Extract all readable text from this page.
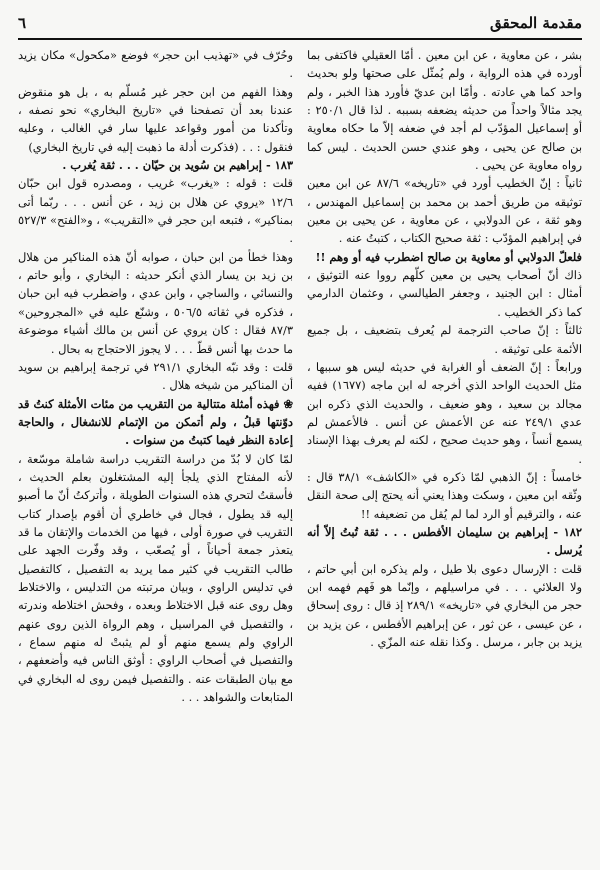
مقدمة المحقق
٦

بشر ، عن معاوية ، عن ابن معين . أمّا العقيلي فاكتفى بما أورده في هذه الرواية ، ولم يُمثّل على صحتها ولو بحديث واحد كما هي عادته . وأمّا ابن عديّ فأورد هذا الخبر ، ولم يجد مثالاً واحداً من حديثه يضعفه بسببه . لذا قال ٢٥٠/١ : أو إسماعيل المؤدّب لم أجد في ضعفه إلاّ ما حكاه معاوية بن صالح عن يحيى ، وهو عندي حسن الحديث . ليس كما رواه معاوية عن يحيى .

ثانياً : إنّ الخطيب أورد في «تاريخه» ٨٧/٦ عن ابن معين توثيقه من طريق أحمد بن محمد بن إسماعيل المهندس ، وهو ثقة ، عن الدولابي ، عن معاوية ، عن يحيى بن معين في إبراهيم المؤدّب : ثقة صحيح الكتاب ، كتبتُ عنه .

فلعلّ الدولابي أو معاوية بن صالح اضطرب فيه أو وهم !!

ذاك أنّ أصحاب يحيى بن معين كلّهم رووا عنه التوثيق ، أمثال : ابن الجنيد ، وجعفر الطيالسي ، وعثمان الدارمي كما ذكر الخطيب .

ثالثاً : إنّ صاحب الترجمة لم يُعرف بتضعيف ، بل جميع الأئمة على توثيقه .

ورابعاً : إنّ الضعف أو الغرابة في حديثه ليس هو سببها ، مثل الحديث الواحد الذي أخرجه له ابن ماجه (١٦٧٧) ففيه مجالد بن سعيد ، وهو ضعيف ، والحديث الذي ذكره ابن عدي ٢٤٩/١ عنه عن الأعمش عن أنس . فالأعمش لم يسمع أنساً ، وهو حديث صحيح ، لكنه لم يعرف بهذا الإسناد .

خامساً : إنّ الذهبي لمّا ذكره في «الكاشف» ٣٨/١ قال : وثّقه ابن معين ، وسكت وهذا يعني أنه يحتج إلى صحة النقل عنه ، والترقيم أو الرد لما لم يُقل من تضعيفه !!

١٨٢ - إبراهيم بن سليمان الأفطس . . . ثقة تُبتُ إلاّ أنه يُرسل .

قلت : الإرسال دعوى بلا طيل ، ولم يذكره ابن أبي حاتم ، ولا العلائي . . . في مراسيلهم ، وإنّما هو فَهم فهمه ابن حجر من البخاري في «تاريخه» ٢٨٩/١ إذ قال : روى إسحاق ، عن عيسى ، عن ثور ، عن إبراهيم الأفطس ، عن يزيد بن يزيد بن جابر ، مرسل . وكذا نقله عنه المزّي .

وحُرّف في «تهذيب ابن حجر» فوضع «مكحول» مكان يزيد .

وهذا الفهم من ابن حجر غير مُسلّم به ، بل هو منقوض عندنا بعد أن تصفحنا في «تاريخ البخاري» نحو نصفه ، وتأكدنا من أمور وقواعد عليها سار في الغالب ، وعليه فنقول : . . (فذكرت أدلة ما ذهبت إليه في تاريخ البخاري)

١٨٣ - إبراهيم بن سُويد بن حيّان . . . ثقة يُغرب .

قلت : قوله : «يغرب» غريب ، ومصدره قول ابن حبّان ١٢/٦ «يروي عن هلال بن زيد ، عن أنس . . . ربّما أتى بمناكير» ، فتبعه ابن حجر في «التقريب» ، و«الفتح» ٥٢٧/٣ .

وهذا خطأ من ابن حبان ، صوابه أنّ هذه المناكير من هلال بن زيد بن يسار الذي أنكر حديثه : البخاري ، وأبو حاتم ، والنسائي ، والساجي ، وابن عدي ، واضطرب فيه ابن حبان ، فذكره في ثقاته ٥٠٦/٥ ، وشنّع عليه في «المجروحين» ٨٧/٣ فقال : كان يروي عن أنس بن مالك أشياء موضوعة ما حدث بها أنس قطّ . . . لا يجوز الاحتجاج به بحال .

قلت : وقد نبّه البخاري ٢٩١/١ في ترجمة إبراهيم بن سويد أن المناكير من شيخه هلال .

❀ فهذه أمثلة متتالية من التقريب من مئات الأمثلة كنتُ قد دوّنتها قبلُ ، ولم أتمكن من الإتمام للانشغال ، والحاجة إعادة النظر فيما كتبتُ من سنوات .

لمّا كان لا بُدّ من دراسة التقريب دراسة شاملة موسّعة ، لأنه المفتاح الذي يلجأ إليه المشتغلون بعلم الحديث ، فأسقتُ لتحري هذه السنوات الطويلة ، وأتركتُ أنّ ما أصبو إليه قد يطول ، فجال في خاطري أن أقوم بإصدار كتاب التقريب في صورة أولى ، فيها من الخدمات والإتقان ما قد يتعذر جمعة أحياناً ، أو يُصعّب ، وقد وفّرت الجهد على طالب التقريب في كثير مما يريد به التفصيل ، كالتفصيل في تدليس الراوي ، وبيان مرتبته من التدليس ، والاختلاط وهل روى عنه قبل الاختلاط وبعده ، وفحش اختلاطه وندرته ، والتفصيل في المراسيل ، وهم الرواة الذين روى عنهم الراوي ولم يسمع منهم أو لم يثبتْ له منهم سماع ، والتفصيل في أصحاب الراوي : أوثق الناس فيه وأضعفهم ، مع بيان الطبقات عنه . والتفصيل فيمن روى له البخاري في المتابعات والشواهد . . .
